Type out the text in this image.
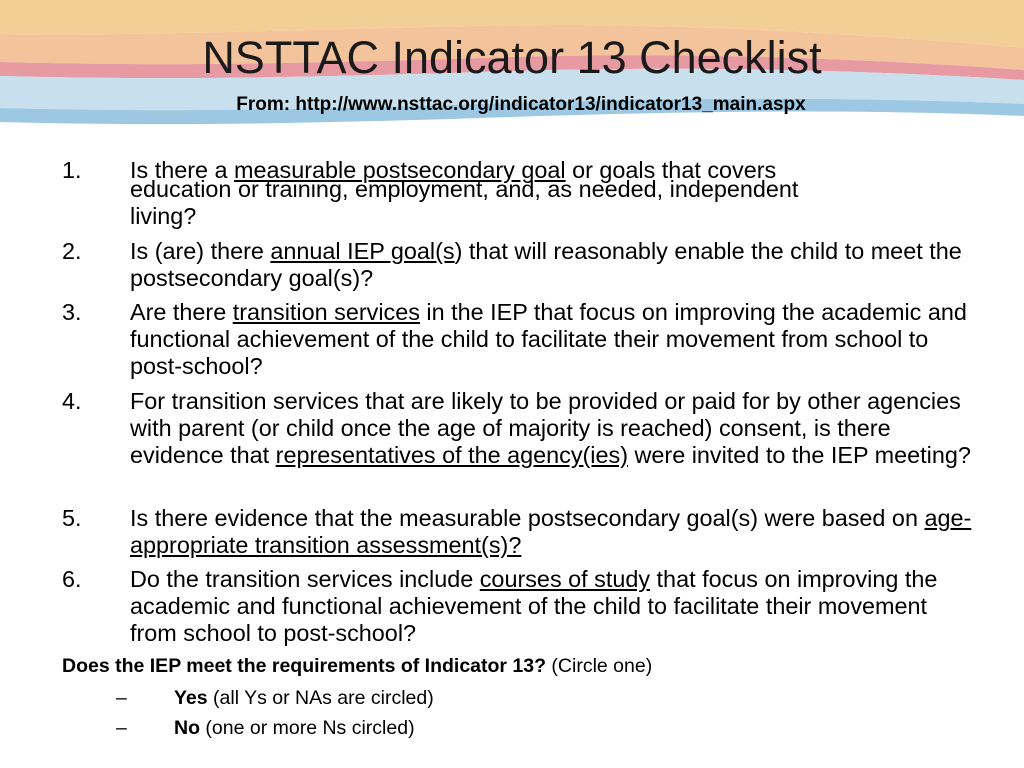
NSTTAC Indicator 13 Checklist
From: http://www.nsttac.org/indicator13/indicator13_main.aspx
1. Is there a measurable postsecondary goal or goals that covers
education or training, employment, and, as needed, independent
living?
2. Is (are) there annual IEP goal(s) that will reasonably enable the child to meet the postsecondary goal(s)?
3. Are there transition services in the IEP that focus on improving the academic and functional achievement of the child to facilitate their movement from school to post-school?
4. For transition services that are likely to be provided or paid for by other agencies with parent (or child once the age of majority is reached) consent, is there evidence that representatives of the agency(ies) were invited to the IEP meeting?
5. Is there evidence that the measurable postsecondary goal(s) were based on age-appropriate transition assessment(s)?
6. Do the transition services include courses of study that focus on improving the academic and functional achievement of the child to facilitate their movement from school to post-school?
Does the IEP meet the requirements of Indicator 13? (Circle one)
– Yes (all Ys or NAs are circled)
– No (one or more Ns circled)
